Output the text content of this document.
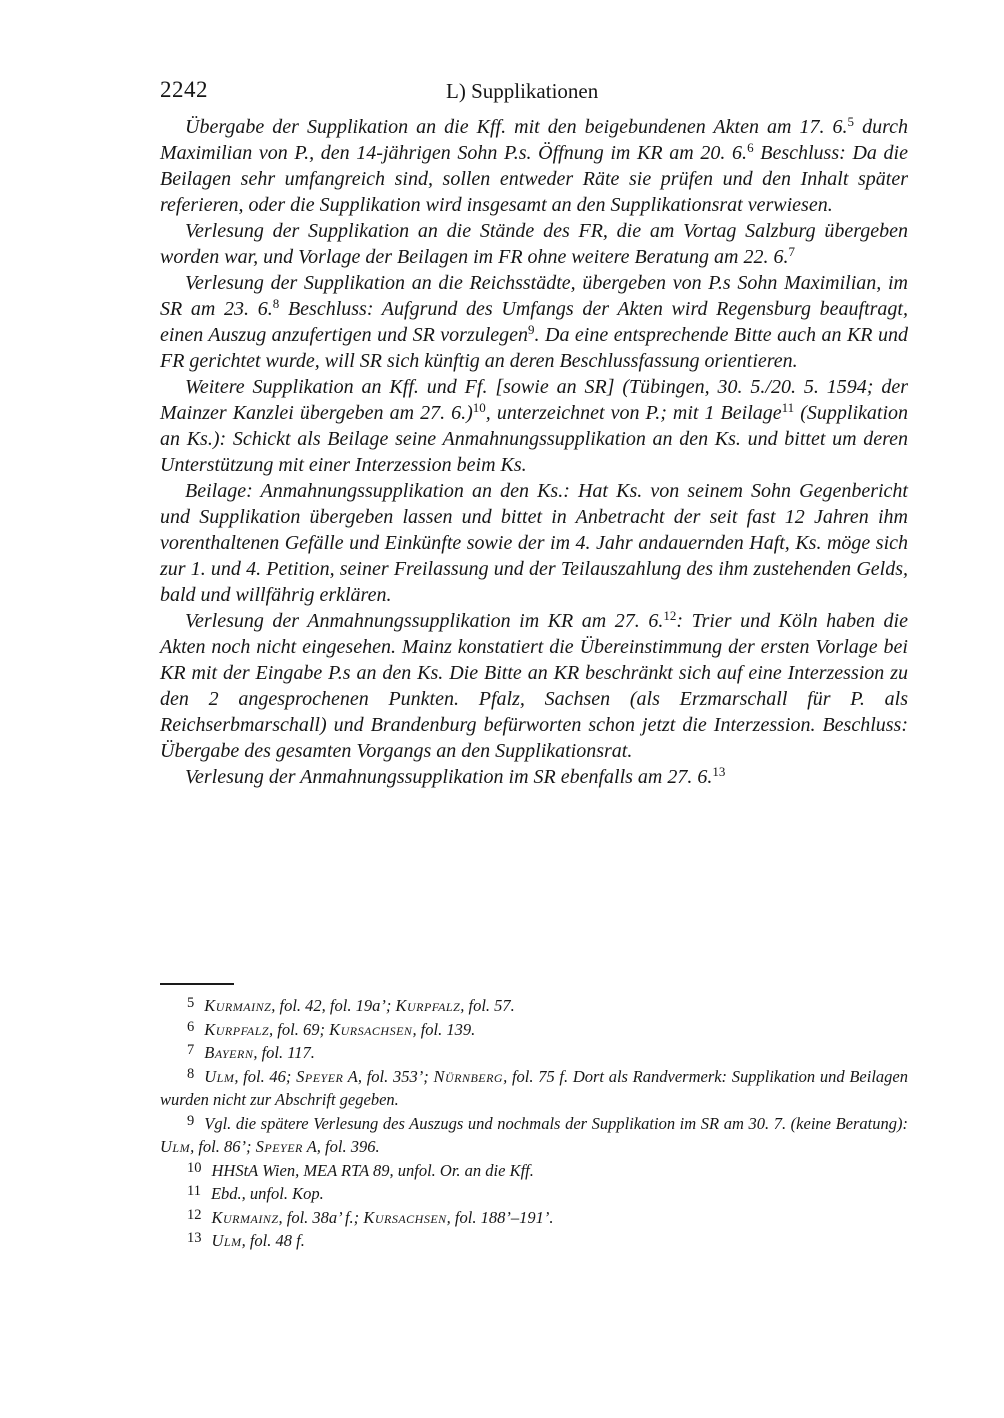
2242	L) Supplikationen

Übergabe der Supplikation an die Kff. mit den beigebundenen Akten am 17. 6.$^5$ durch Maximilian von P., den 14-jährigen Sohn P.s. Öffnung im KR am 20. 6.$^6$ Beschluss: Da die Beilagen sehr umfangreich sind, sollen entweder Räte sie prüfen und den Inhalt später referieren, oder die Supplikation wird insgesamt an den Supplikationsrat verwiesen.

Verlesung der Supplikation an die Stände des FR, die am Vortag Salzburg übergeben worden war, und Vorlage der Beilagen im FR ohne weitere Beratung am 22. 6.$^7$

Verlesung der Supplikation an die Reichsstädte, übergeben von P.s Sohn Maximilian, im SR am 23. 6.$^8$ Beschluss: Aufgrund des Umfangs der Akten wird Regensburg beauftragt, einen Auszug anzufertigen und SR vorzulegen$^9$. Da eine entsprechende Bitte auch an KR und FR gerichtet wurde, will SR sich künftig an deren Beschlussfassung orientieren.

Weitere Supplikation an Kff. und Ff. [sowie an SR] (Tübingen, 30. 5./20. 5. 1594; der Mainzer Kanzlei übergeben am 27. 6.)$^{10}$, unterzeichnet von P.; mit 1 Beilage$^{11}$ (Supplikation an Ks.): Schickt als Beilage seine Anmahnungssupplikation an den Ks. und bittet um deren Unterstützung mit einer Interzession beim Ks.

Beilage: Anmahnungssupplikation an den Ks.: Hat Ks. von seinem Sohn Gegenbericht und Supplikation übergeben lassen und bittet in Anbetracht der seit fast 12 Jahren ihm vorenthaltenen Gefälle und Einkünfte sowie der im 4. Jahr andauernden Haft, Ks. möge sich zur 1. und 4. Petition, seiner Freilassung und der Teilauszahlung des ihm zustehenden Gelds, bald und willfährig erklären.

Verlesung der Anmahnungssupplikation im KR am 27. 6.12: Trier und Köln haben die Akten noch nicht eingesehen. Mainz konstatiert die Übereinstimmung der ersten Vorlage bei KR mit der Eingabe P.s an den Ks. Die Bitte an KR beschränkt sich auf eine Interzession zu den 2 angesprochenen Punkten. Pfalz, Sachsen (als Erzmarschall für P. als Reichserbmarschall) und Brandenburg befürworten schon jetzt die Interzession. Beschluss: Übergabe des gesamten Vorgangs an den Supplikationsrat.

Verlesung der Anmahnungssupplikation im SR ebenfalls am 27. 6.13

5 Kurmainz, fol. 42, fol. 19a’; Kurpfalz, fol. 57.

6 Kurpfalz, fol. 69; Kursachsen, fol. 139.

7 Bayern, fol. 117.

8 Ulm, fol. 46; Speyer A, fol. 353’; Nürnberg, fol. 75 f. Dort als Randvermerk: Supplikation und Beilagen wurden nicht zur Abschrift gegeben.

9 Vgl. die spätere Verlesung des Auszugs und nochmals der Supplikation im SR am 30. 7. (keine Beratung): Ulm, fol. 86’; Speyer A, fol. 396.

10 HHStA Wien, MEA RTA 89, unfol. Or. an die Kff.

11 Ebd., unfol. Kop.

12 Kurmainz, fol. 38a’ f.; Kursachsen, fol. 188’–191’.

13 Ulm, fol. 48 f.
